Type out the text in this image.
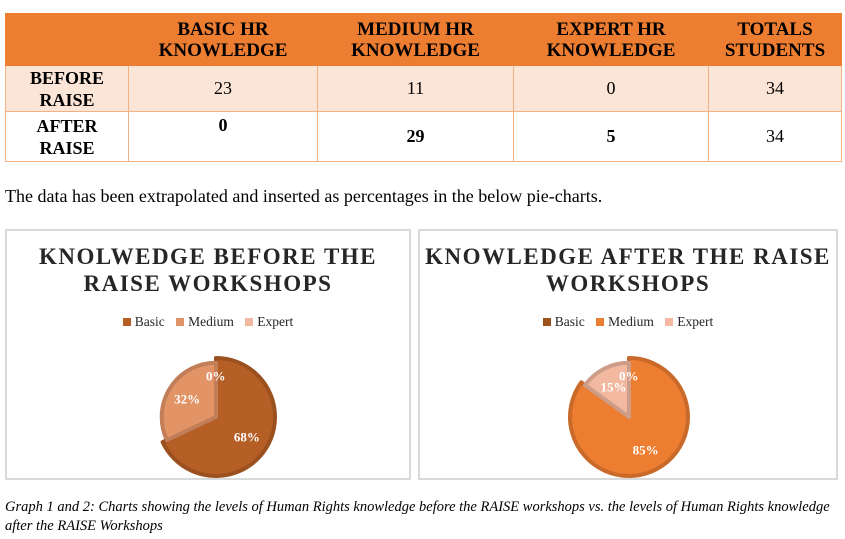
	BASIC HR KNOWLEDGE	MEDIUM HR KNOWLEDGE	EXPERT HR KNOWLEDGE	TOTALS STUDENTS
BEFORE RAISE	23	11	0	34
AFTER RAISE	0	29	5	34
The data has been extrapolated and inserted as percentages in the below pie-charts.
KNOLWEDGE BEFORE THE RAISE WORKSHOPS
Basic Medium Expert
68%
32%
0%
KNOWLEDGE AFTER THE RAISE WORKSHOPS
Basic Medium Expert
0%
85%
15%
Graph 1 and 2: Charts showing the levels of Human Rights knowledge before the RAISE workshops vs. the levels of Human Rights knowledge after the RAISE Workshops
